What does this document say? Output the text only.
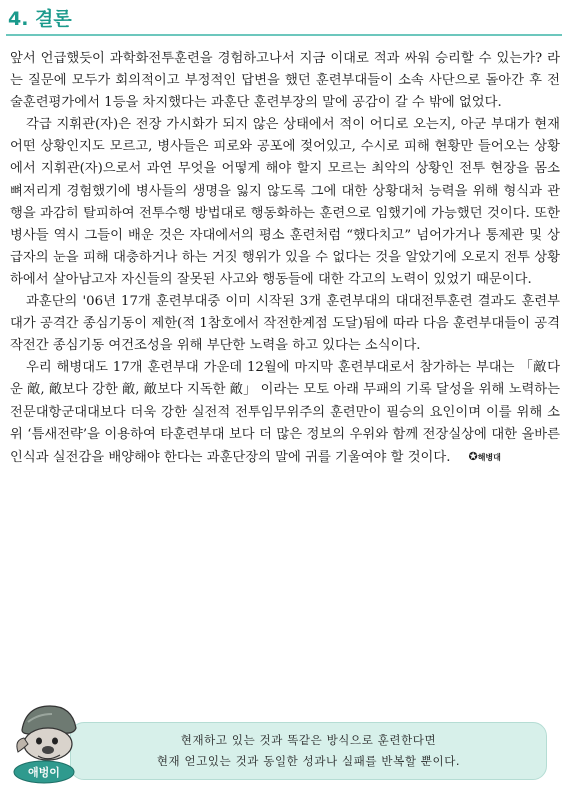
4. 결론

앞서 언급했듯이 과학화전투훈련을 경험하고나서 지금 이대로 적과 싸워 승리할 수 있는가? 라는 질문에 모두가 회의적이고 부정적인 답변을 했던 훈련부대들이 소속 사단으로 돌아간 후 전술훈련평가에서 1등을 차지했다는 과훈단 훈련부장의 말에 공감이 갈 수 밖에 없었다.

각급 지휘관(자)은 전장 가시화가 되지 않은 상태에서 적이 어디로 오는지, 아군 부대가 현재 어떤 상황인지도 모르고, 병사들은 피로와 공포에 젖어있고, 수시로 피해 현황만 들어오는 상황에서 지휘관(자)으로서 과연 무엇을 어떻게 해야 할지 모르는 최악의 상황인 전투 현장을 몸소 뼈저리게 경험했기에 병사들의 생명을 잃지 않도록 그에 대한 상황대처 능력을 위해 형식과 관행을 과감히 탈피하여 전투수행 방법대로 행동화하는 훈련으로 임했기에 가능했던 것이다. 또한 병사들 역시 그들이 배운 것은 자대에서의 평소 훈련처럼 “했다치고” 넘어가거나 통제관 및 상급자의 눈을 피해 대충하거나 하는 거짓 행위가 있을 수 없다는 것을 알았기에 오로지 전투 상황하에서 살아남고자 자신들의 잘못된 사고와 행동들에 대한 각고의 노력이 있었기 때문이다.

과훈단의 '06년 17개 훈련부대중 이미 시작된 3개 훈련부대의 대대전투훈련 결과도 훈련부대가 공격간 종심기동이 제한(적 1참호에서 작전한계점 도달)됨에 따라 다음 훈련부대들이 공격 작전간 종심기동 여건조성을 위해 부단한 노력을 하고 있다는 소식이다.

우리 해병대도 17개 훈련부대 가운데 12월에 마지막 훈련부대로서 참가하는 부대는 「敵다운 敵, 敵보다 강한 敵, 敵보다 지독한 敵」 이라는 모토 아래 무패의 기록 달성을 위해 노력하는 전문대항군대대보다 더욱 강한 실전적 전투임무위주의 훈련만이 필승의 요인이며 이를 위해 소위 ‘틈새전략’을 이용하여 타훈련부대 보다 더 많은 정보의 우위와 함께 전장실상에 대한 올바른 인식과 실전감을 배양해야 한다는 과훈단장의 말에 귀를 기울여야 할 것이다. ✪해병대

현재하고 있는 것과 똑같은 방식으로 훈련한다면
현재 얻고있는 것과 동일한 성과나 실패를 반복할 뿐이다.
애벙이
